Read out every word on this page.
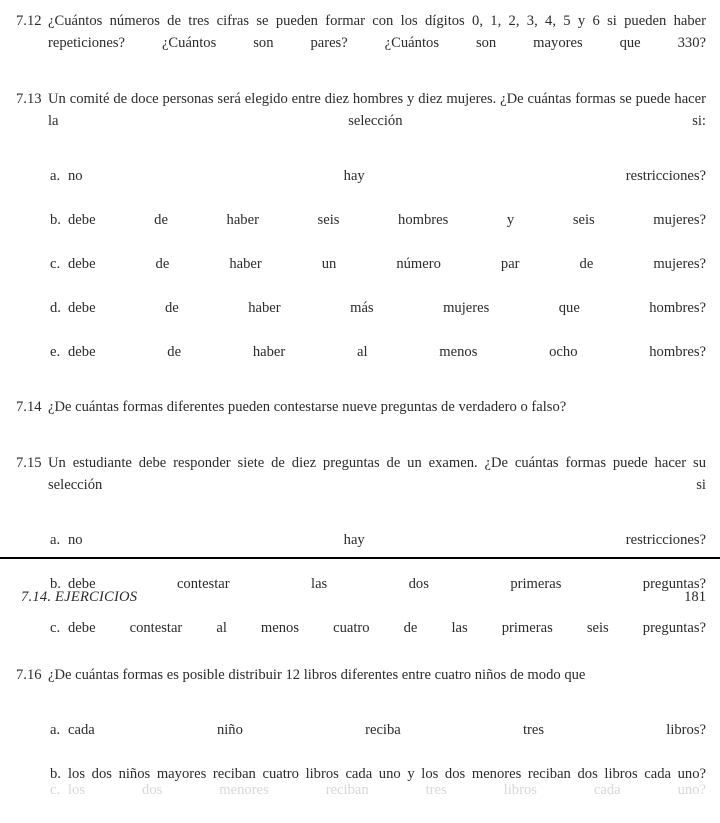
7.12 ¿Cuántos números de tres cifras se pueden formar con los dígitos 0, 1, 2, 3, 4, 5 y 6 si pueden haber repeticiones? ¿Cuántos son pares? ¿Cuántos son mayores que 330?
7.13 Un comité de doce personas será elegido entre diez hombres y diez mujeres. ¿De cuántas formas se puede hacer la selección si:
a. no hay restricciones?
b. debe de haber seis hombres y seis mujeres?
c. debe de haber un número par de mujeres?
d. debe de haber más mujeres que hombres?
e. debe de haber al menos ocho hombres?
7.14 ¿De cuántas formas diferentes pueden contestarse nueve preguntas de verdadero o falso?
7.15 Un estudiante debe responder siete de diez preguntas de un examen. ¿De cuántas formas puede hacer su selección si
a. no hay restricciones?
b. debe contestar las dos primeras preguntas?
c. debe contestar al menos cuatro de las primeras seis preguntas?
7.14. EJERCICIOS	181
7.16 ¿De cuántas formas es posible distribuir 12 libros diferentes entre cuatro niños de modo que
a. cada niño reciba tres libros?
b. los dos niños mayores reciban cuatro libros cada uno y los dos menores reciban dos libros cada uno?
c. los dos menores reciban tres libros cada uno?
